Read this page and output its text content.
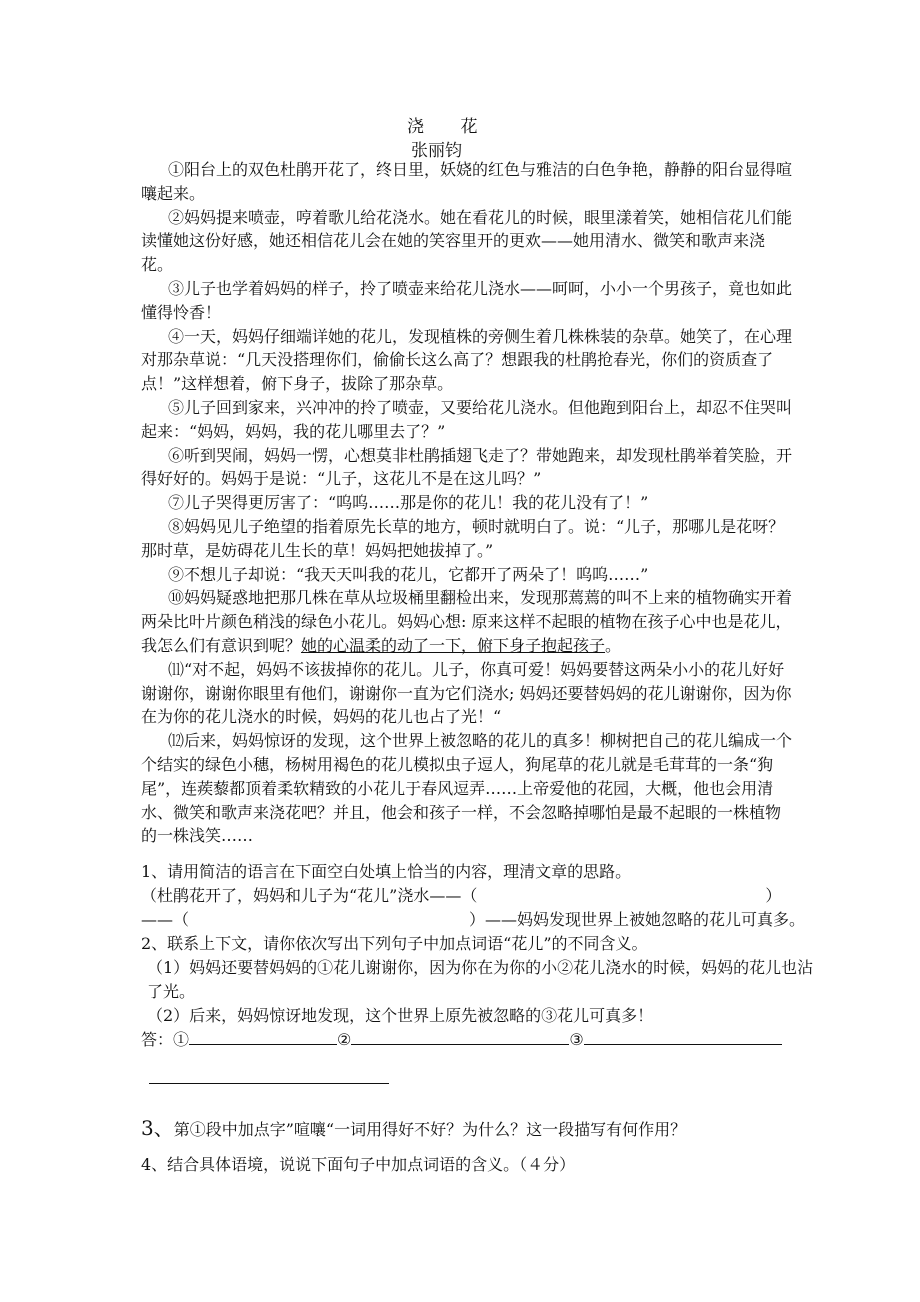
浇 花
张丽钧

①阳台上的双色杜鹃开花了，终日里，妖娆的红色与雅洁的白色争艳，静静的阳台显得喧嚷起来。

②妈妈提来喷壶，哼着歌儿给花浇水。她在看花儿的时候，眼里漾着笑，她相信花儿们能读懂她这份好感，她还相信花儿会在她的笑容里开的更欢——她用清水、微笑和歌声来浇花。

③儿子也学着妈妈的样子，拎了喷壶来给花儿浇水——呵呵，小小一个男孩子，竟也如此懂得怜香！

④一天，妈妈仔细端详她的花儿，发现植株的旁侧生着几株株装的杂草。她笑了，在心理对那杂草说：“几天没搭理你们，偷偷长这么高了？想跟我的杜鹃抢春光，你们的资质查了点！”这样想着，俯下身子，拔除了那杂草。

⑤儿子回到家来，兴冲冲的拎了喷壶，又要给花儿浇水。但他跑到阳台上，却忍不住哭叫起来：“妈妈，妈妈，我的花儿哪里去了？”

⑥听到哭闹，妈妈一愣，心想莫非杜鹃插翅飞走了？带她跑来，却发现杜鹃举着笑脸，开得好好的。妈妈于是说：“儿子，这花儿不是在这儿吗？”

⑦儿子哭得更厉害了：“呜呜……那是你的花儿！我的花儿没有了！”

⑧妈妈见儿子绝望的指着原先长草的地方，顿时就明白了。说：“儿子，那哪儿是花呀？那时草，是妨碍花儿生长的草！妈妈把她拔掉了。”

⑨不想儿子却说：“我天天叫我的花儿，它都开了两朵了！呜呜……”

⑩妈妈疑惑地把那几株在草从垃圾桶里翻检出来，发现那蔫蔫的叫不上来的植物确实开着两朵比叶片颜色稍浅的绿色小花儿。妈妈心想: 原来这样不起眼的植物在孩子心中也是花儿，我怎么们有意识到呢？她的心温柔的动了一下，俯下身子抱起孩子。

⑾“对不起，妈妈不该拔掉你的花儿。儿子，你真可爱！妈妈要替这两朵小小的花儿好好谢谢你，谢谢你眼里有他们，谢谢你一直为它们浇水; 妈妈还要替妈妈的花儿谢谢你，因为你在为你的花儿浇水的时候，妈妈的花儿也占了光！“

⑿后来，妈妈惊讶的发现，这个世界上被忽略的花儿的真多！柳树把自己的花儿编成一个个结实的绿色小穗，杨树用褐色的花儿模拟虫子逗人，狗尾草的花儿就是毛茸茸的一条“狗尾”，连蒺藜都顶着柔软精致的小花儿于春风逗弄……上帝爱他的花园，大概，他也会用清水、微笑和歌声来浇花吧？并且，他会和孩子一样，不会忽略掉哪怕是最不起眼的一株植物的一株浅笑……

1、请用简洁的语言在下面空白处填上恰当的内容，理清文章的思路。

（杜鹃花开了，妈妈和儿子为“花儿”浇水——（	）
——（	）——妈妈发现世界上被她忽略的花儿可真多。

2、联系上下文，请你依次写出下列句子中加点词语“花儿”的不同含义。

（1）妈妈还要替妈妈的①花儿谢谢你，因为你在为你的小②花儿浇水的时候，妈妈的花儿也沾了光。

（2）后来，妈妈惊讶地发现，这个世界上原先被忽略的③花儿可真多！

答：①	②	③
3、第①段中加点字”喧嚷“一词用得好不好？为什么？这一段描写有何作用？
4、结合具体语境，说说下面句子中加点词语的含义。（４分）
